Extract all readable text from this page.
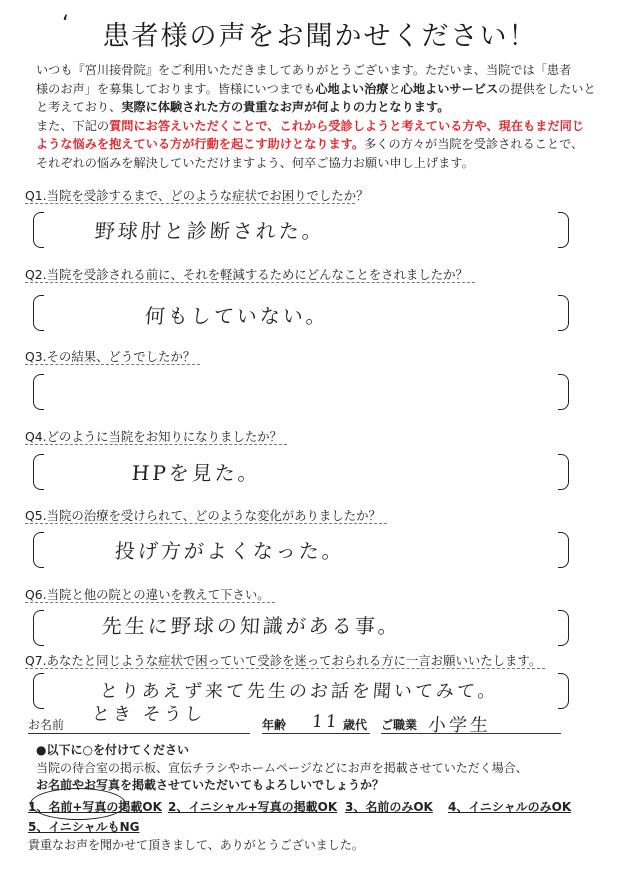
‘	患者様の声をお聞かせください！
いつも『宮川接骨院』をご利用いただきましてありがとうございます。ただいま、当院では「患者
様のお声」を募集しております。皆様にいつまでも心地よい治療と心地よいサービスの提供をしたいと
と考えており、実際に体験された方の貴重なお声が何よりの力となります。
また、下記の質問にお答えいただくことで、これから受診しようと考えている方や、現在もまだ同じ
ような悩みを抱えている方が行動を起こす助けとなります。多くの方々が当院を受診されることで、
それぞれの悩みを解決していただけますよう、何卒ご協力お願い申し上げます。
Q1.当院を受診するまで、どのような症状でお困りでしたか？
野球肘と診断された。
Q2.当院を受診される前に、それを軽減するためにどんなことをされましたか？
何もしていない。
Q3.その結果、どうでしたか？
Q4.どのように当院をお知りになりましたか？
HPを見た。
Q5.当院の治療を受けられて、どのような変化がありましたか？
投げ方がよくなった。
Q6.当院と他の院との違いを教えて下さい。
先生に野球の知識がある事。
Q7.あなたと同じような症状で困っていて受診を迷っておられる方に一言お願いいたします。
とりあえず来て先生のお話を聞いてみて。
お名前 とき そうし	年齢 11 歳代 ご職業 小学生
●以下に○を付けてください
当院の待合室の掲示板、宣伝チラシやホームページなどにお声を掲載させていただく場合、
お名前やお写真を掲載させていただいてもよろしいでしょうか？
1、名前+写真の掲載OK 2、イニシャル+写真の掲載OK 3、名前のみOK 4、イニシャルのみOK
5、イニシャルもNG
貴重なお声を聞かせて頂きまして、ありがとうございました。
